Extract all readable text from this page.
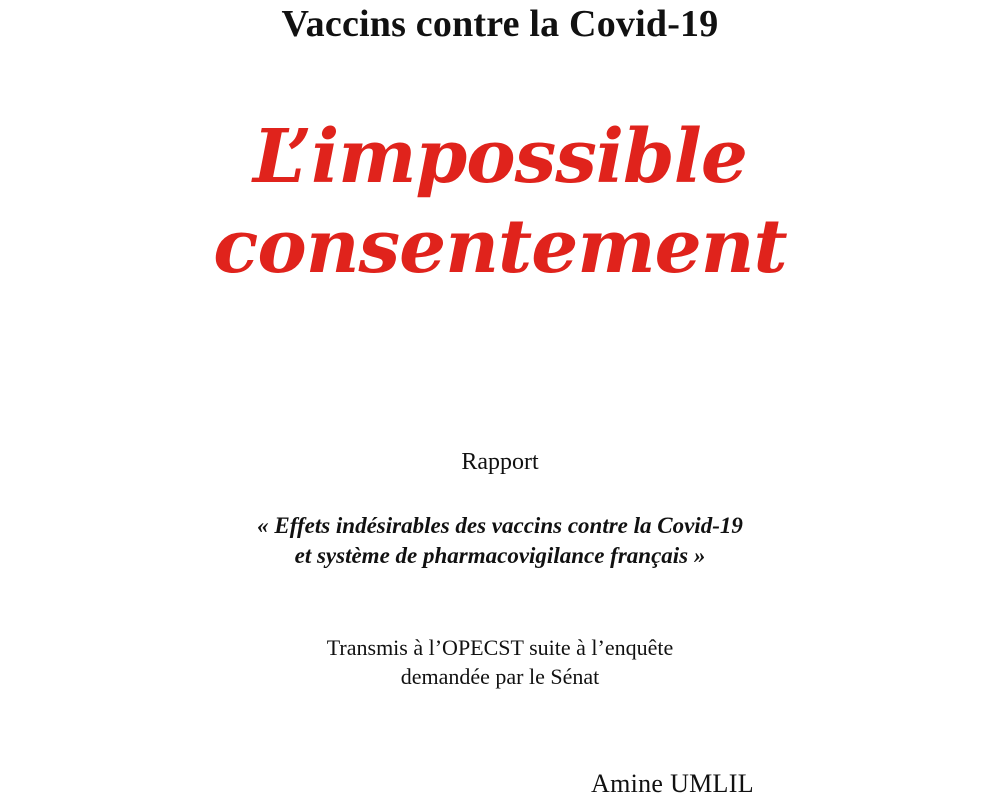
Vaccins contre la Covid-19
L’impossible
consentement
Rapport
« Effets indésirables des vaccins contre la Covid-19
et système de pharmacovigilance français »
Transmis à l’OPECST suite à l’enquête
demandée par le Sénat
Amine UMLIL
